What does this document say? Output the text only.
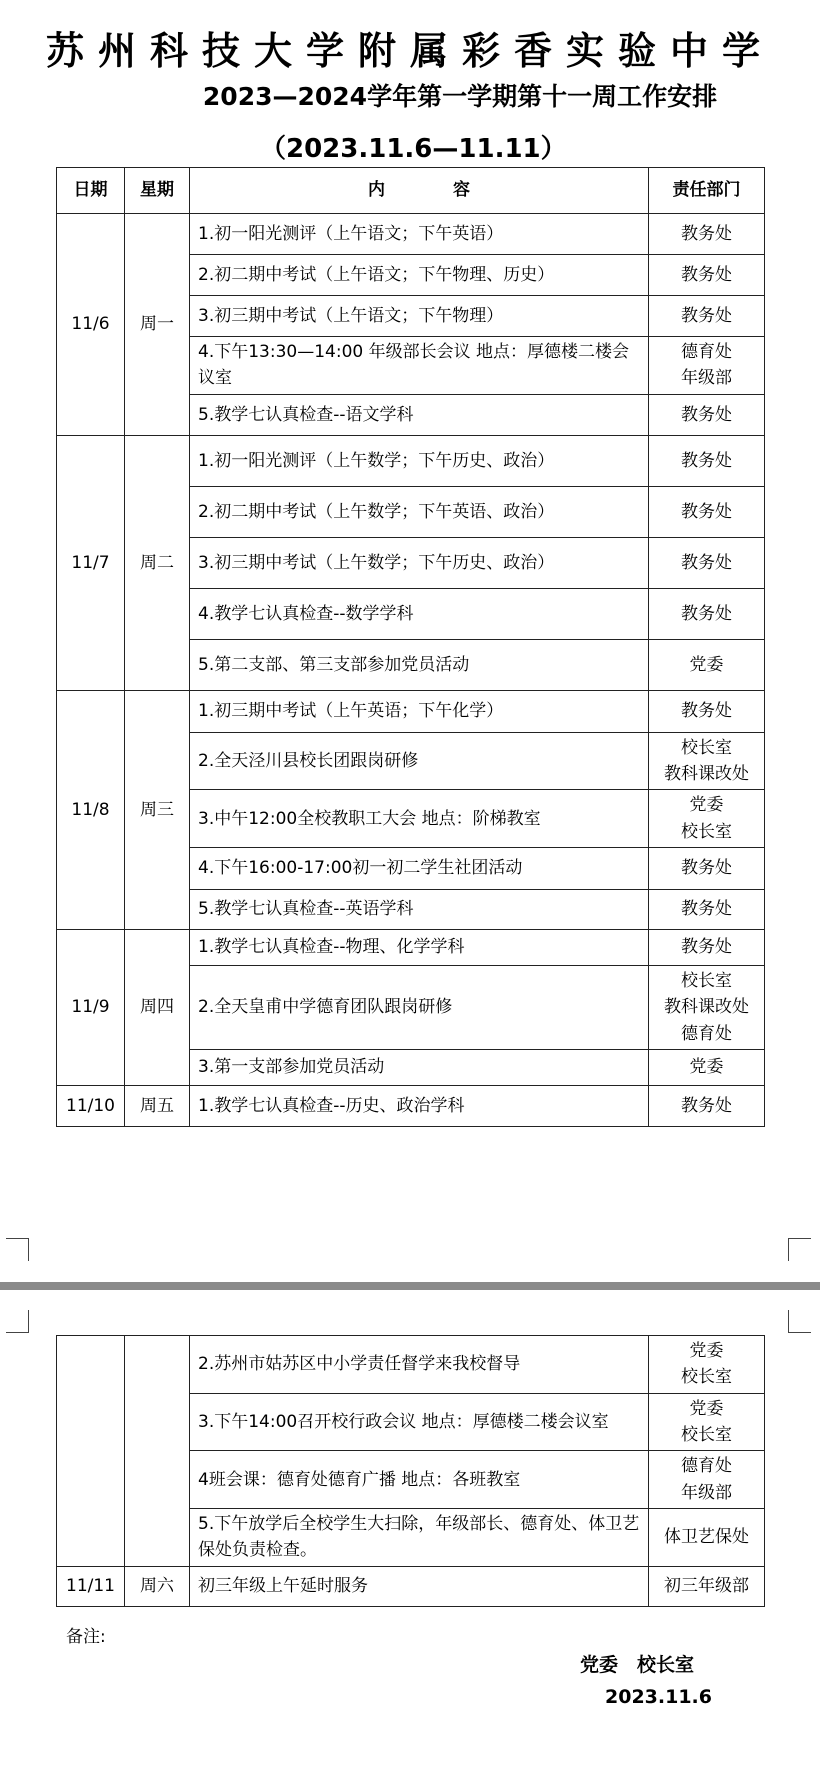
苏州科技大学附属彩香实验中学
2023—2024学年第一学期第十一周工作安排
（2023.11.6—11.11）
日期	星期	内　　　　容	责任部门
11/6	周一	1.初一阳光测评（上午语文；下午英语）	教务处

		2.初二期中考试（上午语文；下午物理、历史）	教务处

		3.初三期中考试（上午语文；下午物理）	教务处

		4.下午13:30—14:00 年级部长会议 地点：厚德楼二楼会议室	德育处
年级部

		5.教学七认真检查--语文学科	教务处

11/7	周二	1.初一阳光测评（上午数学；下午历史、政治）	教务处

		2.初二期中考试（上午数学；下午英语、政治）	教务处

		3.初三期中考试（上午数学；下午历史、政治）	教务处

		4.教学七认真检查--数学学科	教务处

		5.第二支部、第三支部参加党员活动	党委

11/8	周三	1.初三期中考试（上午英语；下午化学）	教务处

		2.全天泾川县校长团跟岗研修	校长室
教科课改处

		3.中午12:00全校教职工大会 地点：阶梯教室	党委
校长室

		4.下午16:00-17:00初一初二学生社团活动	教务处

		5.教学七认真检查--英语学科	教务处

11/9	周四	1.教学七认真检查--物理、化学学科	教务处

		2.全天皇甫中学德育团队跟岗研修	校长室
教科课改处
德育处

		3.第一支部参加党员活动	党委

11/10	周五	1.教学七认真检查--历史、政治学科	教务处
		2.苏州市姑苏区中小学责任督学来我校督导	党委
校长室

		3.下午14:00召开校行政会议 地点：厚德楼二楼会议室	党委
校长室

		4班会课：德育处德育广播 地点：各班教室	德育处
年级部

		5.下午放学后全校学生大扫除，年级部长、德育处、体卫艺保处负责检查。	体卫艺保处

11/11	周六	初三年级上午延时服务	初三年级部
备注:
党委　校长室
2023.11.6
